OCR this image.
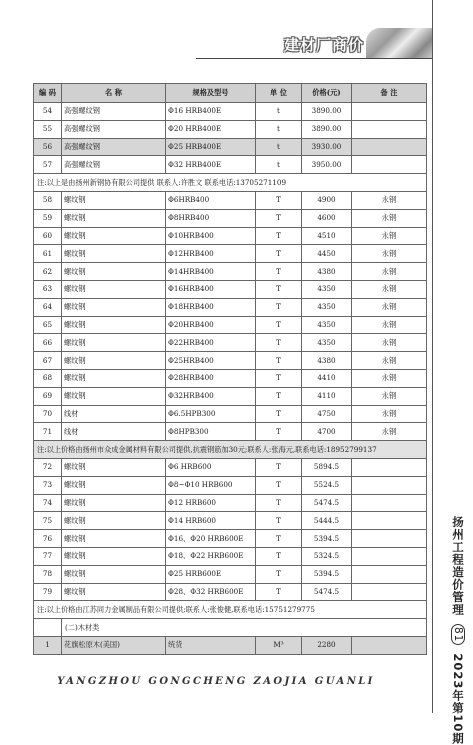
建材厂商价
编 码	名 称	规格及型号	单 位	价格(元)	备 注
54	高强螺纹钢	Φ16 HRB400E	t	3890.00	
55	高强螺纹钢	Φ20 HRB400E	t	3890.00	
56	高强螺纹钢	Φ25 HRB400E	t	3930.00	
57	高强螺纹钢	Φ32 HRB400E	t	3950.00	
注:以上是由扬州新钢协有限公司提供 联系人:许胜文 联系电话:13705271109					
58	螺纹钢	Φ6HRB400	T	4900	永钢
59	螺纹钢	Φ8HRB400	T	4600	永钢
60	螺纹钢	Φ10HRB400	T	4510	永钢
61	螺纹钢	Φ12HRB400	T	4450	永钢
62	螺纹钢	Φ14HRB400	T	4380	永钢
63	螺纹钢	Φ16HRB400	T	4350	永钢
64	螺纹钢	Φ18HRB400	T	4350	永钢
65	螺纹钢	Φ20HRB400	T	4350	永钢
66	螺纹钢	Φ22HRB400	T	4350	永钢
67	螺纹钢	Φ25HRB400	T	4380	永钢
68	螺纹钢	Φ28HRB400	T	4410	永钢
69	螺纹钢	Φ32HRB400	T	4110	永钢
70	线材	Φ6.5HPB300	T	4750	永钢
71	线材	Φ8HPB300	T	4700	永钢
注:以上价格由扬州市众成金属材料有限公司提供,抗震钢筋加30元;联系人:张海元,联系电话:18952799137					
72	螺纹钢	Φ6 HRB600	T	5894.5	
73	螺纹钢	Φ8~Φ10 HRB600	T	5524.5	
74	螺纹钢	Φ12 HRB600	T	5474.5	
75	螺纹钢	Φ14 HRB600	T	5444.5	
76	螺纹钢	Φ16、Φ20 HRB600E	T	5394.5	
77	螺纹钢	Φ18、Φ22 HRB600E	T	5324.5	
78	螺纹钢	Φ25 HRB600E	T	5394.5	
79	螺纹钢	Φ28、Φ32 HRB600E	T	5474.5	
注:以上价格由江苏同力金属制品有限公司提供;联系人:张俊健,联系电话:15751279775					
	(二)木材类				
1	花旗松原木(美国)	统货	M³	2280	
扬州工程造价管理 81 2023年第10期
YANGZHOU GONGCHENG ZAOJIA GUANLI
